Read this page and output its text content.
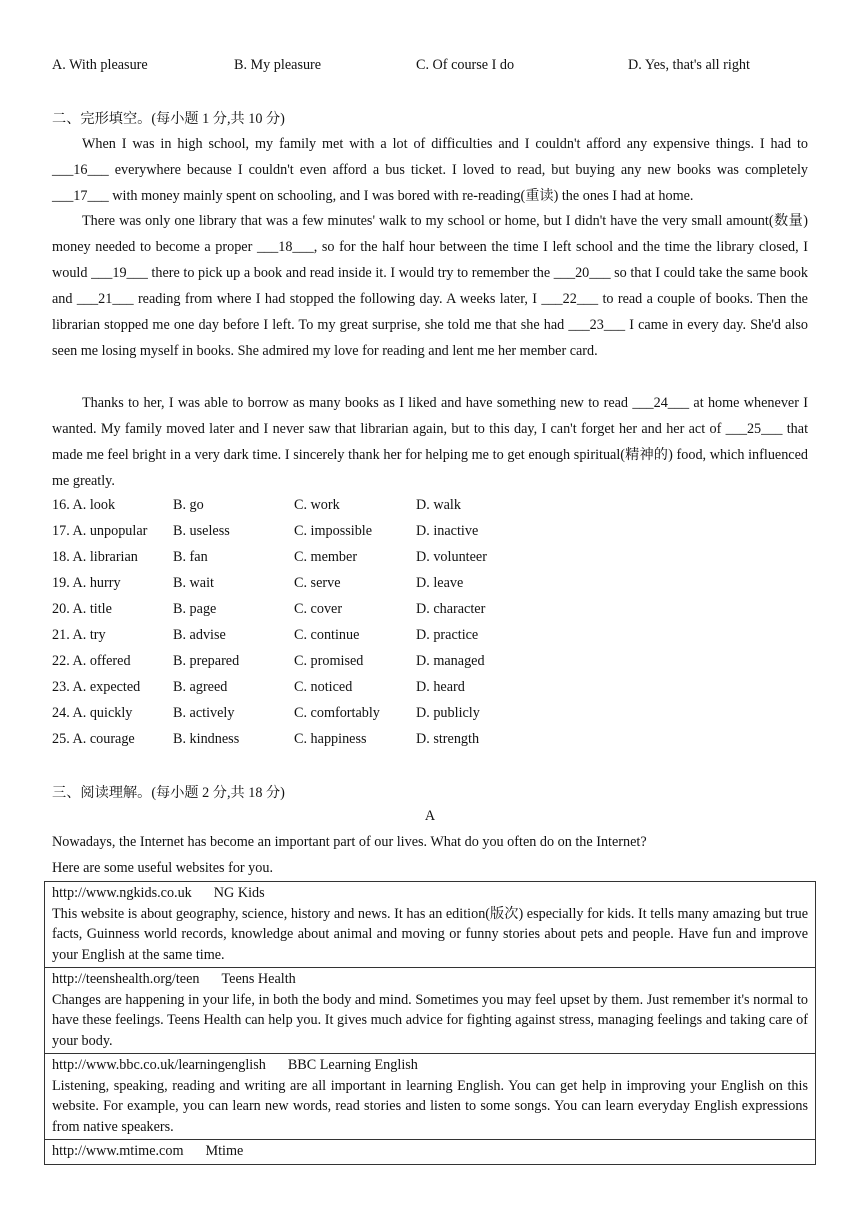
A. With pleasure	B. My pleasure	C. Of course I do	D. Yes, that's all right
二、完形填空。(每小题 1 分,共 10 分)

When I was in high school, my family met with a lot of difficulties and I couldn't afford any expensive things. I had to ___16___ everywhere because I couldn't even afford a bus ticket. I loved to read, but buying any new books was completely ___17___ with money mainly spent on schooling, and I was bored with re-reading(重读) the ones I had at home.

There was only one library that was a few minutes' walk to my school or home, but I didn't have the very small amount(数量) money needed to become a proper ___18___, so for the half hour between the time I left school and the time the library closed, I would ___19___ there to pick up a book and read inside it. I would try to remember the ___20___ so that I could take the same book and ___21___ reading from where I had stopped the following day. A weeks later, I ___22___ to read a couple of books. Then the librarian stopped me one day before I left. To my great surprise, she told me that she had ___23___ I came in every day. She'd also seen me losing myself in books. She admired my love for reading and lent me her member card.

Thanks to her, I was able to borrow as many books as I liked and have something new to read ___24___ at home whenever I wanted. My family moved later and I never saw that librarian again, but to this day, I can't forget her and her act of ___25___ that made me feel bright in a very dark time. I sincerely thank her for helping me to get enough spiritual(精神的) food, which influenced me greatly.

16. A. look	B. go	C. work	D. walk
17. A. unpopular B. useless	C. impossible	D. inactive
18. A. librarian B. fan	C. member	D. volunteer
19. A. hurry	B. wait	C. serve	D. leave
20. A. title	B. page	C. cover	D. character
21. A. try	B. advise	C. continue	D. practice
22. A. offered	B. prepared	C. promised	D. managed
23. A. expected B. agreed	C. noticed	D. heard
24. A. quickly	B. actively	C. comfortably	D. publicly
25. A. courage	B. kindness	C. happiness	D. strength
三、阅读理解。(每小题 2 分,共 18 分)
A
Nowadays, the Internet has become an important part of our lives. What do you often do on the Internet?
Here are some useful websites for you.
http://www.ngkids.co.uk NG Kids
This website is about geography, science, history and news. It has an edition(版次) especially for kids. It tells many amazing but true facts, Guinness world records, knowledge about animal and moving or funny stories about pets and people. Have fun and improve your English at the same time.

http://teenshealth.org/teen Teens Health
Changes are happening in your life, in both the body and mind. Sometimes you may feel upset by them. Just remember it's normal to have these feelings. Teens Health can help you. It gives much advice for fighting against stress, managing feelings and taking care of your body.

http://www.bbc.co.uk/learningenglish BBC Learning English
Listening, speaking, reading and writing are all important in learning English. You can get help in improving your English on this website. For example, you can learn new words, read stories and listen to some songs. You can learn everyday English expressions from native speakers.

http://www.mtime.com Mtime
